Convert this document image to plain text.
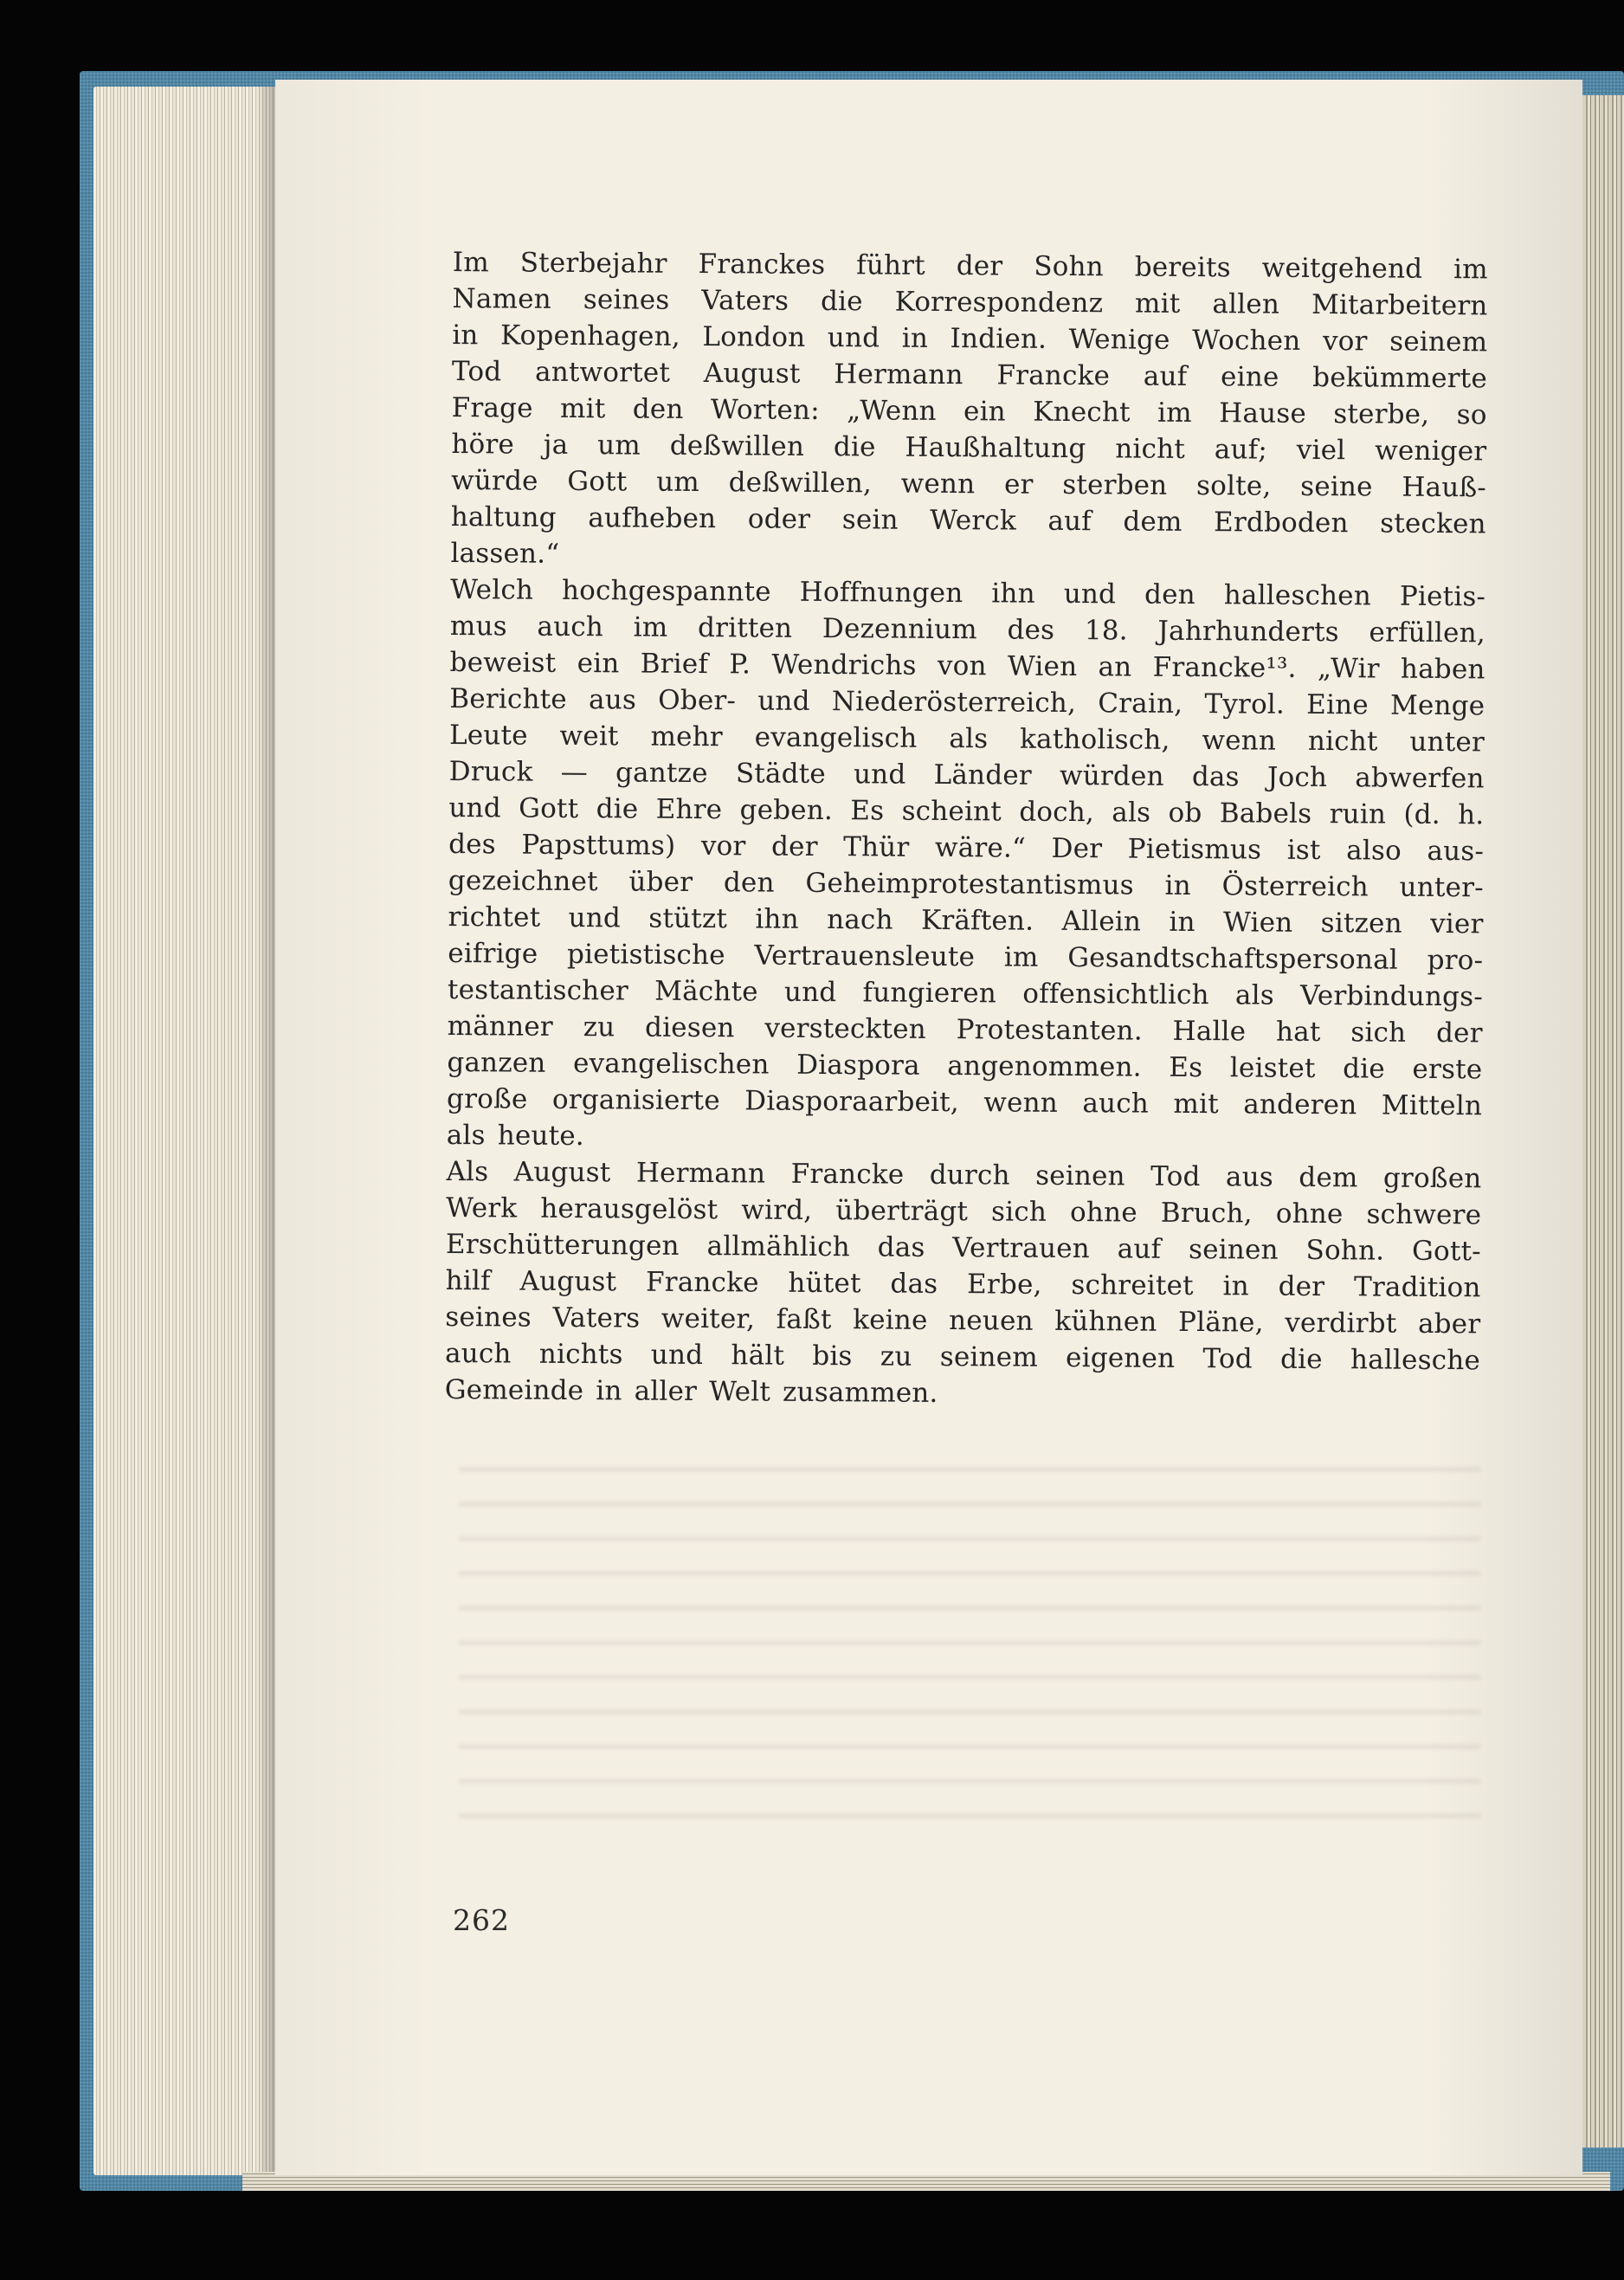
Im Sterbejahr Franckes führt der Sohn bereits weitgehend im
Namen seines Vaters die Korrespondenz mit allen Mitarbeitern
in Kopenhagen, London und in Indien. Wenige Wochen vor seinem
Tod antwortet August Hermann Francke auf eine bekümmerte
Frage mit den Worten: „Wenn ein Knecht im Hause sterbe, so
höre ja um deßwillen die Haußhaltung nicht auf; viel weniger
würde Gott um deßwillen, wenn er sterben solte, seine Hauß-
haltung aufheben oder sein Werck auf dem Erdboden stecken
lassen.“
Welch hochgespannte Hoffnungen ihn und den halleschen Pietis-
mus auch im dritten Dezennium des 18. Jahrhunderts erfüllen,
beweist ein Brief P. Wendrichs von Wien an Francke¹³. „Wir haben
Berichte aus Ober- und Niederösterreich, Crain, Tyrol. Eine Menge
Leute weit mehr evangelisch als katholisch, wenn nicht unter
Druck — gantze Städte und Länder würden das Joch abwerfen
und Gott die Ehre geben. Es scheint doch, als ob Babels ruin (d. h.
des Papsttums) vor der Thür wäre.“ Der Pietismus ist also aus-
gezeichnet über den Geheimprotestantismus in Österreich unter-
richtet und stützt ihn nach Kräften. Allein in Wien sitzen vier
eifrige pietistische Vertrauensleute im Gesandtschaftspersonal pro-
testantischer Mächte und fungieren offensichtlich als Verbindungs-
männer zu diesen versteckten Protestanten. Halle hat sich der
ganzen evangelischen Diaspora angenommen. Es leistet die erste
große organisierte Diasporaarbeit, wenn auch mit anderen Mitteln
als heute.
Als August Hermann Francke durch seinen Tod aus dem großen
Werk herausgelöst wird, überträgt sich ohne Bruch, ohne schwere
Erschütterungen allmählich das Vertrauen auf seinen Sohn. Gott-
hilf August Francke hütet das Erbe, schreitet in der Tradition
seines Vaters weiter, faßt keine neuen kühnen Pläne, verdirbt aber
auch nichts und hält bis zu seinem eigenen Tod die hallesche
Gemeinde in aller Welt zusammen.
262
